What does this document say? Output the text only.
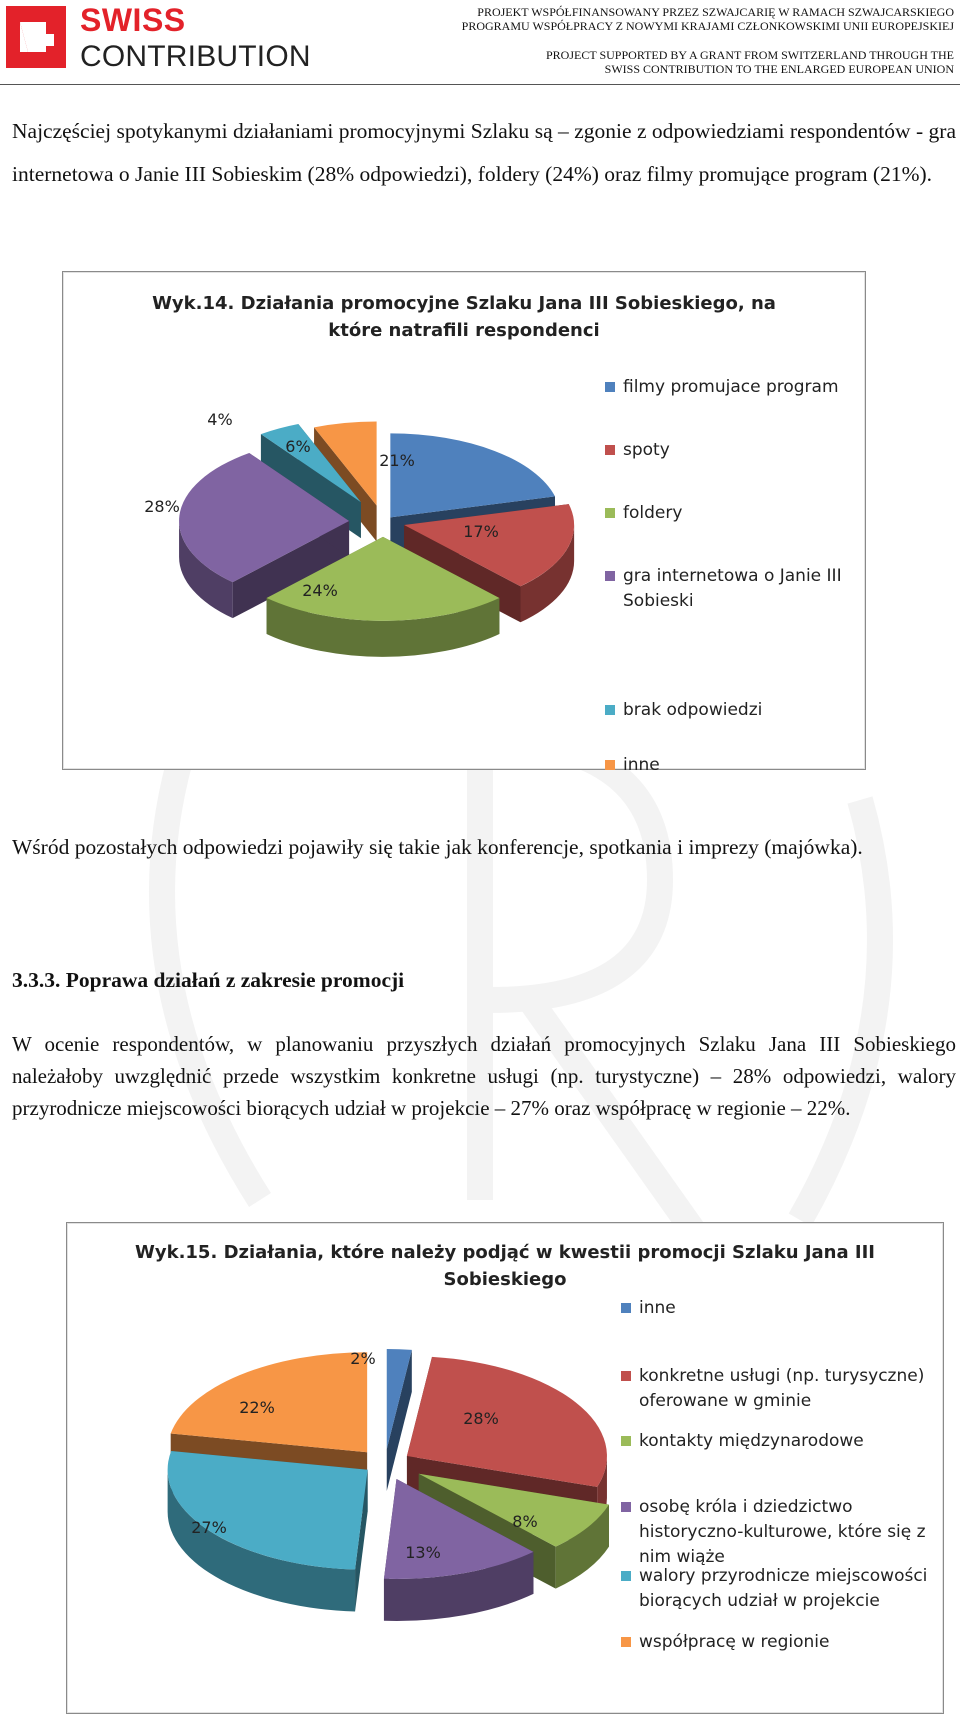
SWISS
CONTRIBUTION
PROJEKT WSPÓŁFINANSOWANY PRZEZ SZWAJCARIĘ W RAMACH SZWAJCARSKIEGO
PROGRAMU WSPÓŁPRACY Z NOWYMI KRAJAMI CZŁONKOWSKIMI UNII EUROPEJSKIEJ
PROJECT SUPPORTED BY A GRANT FROM SWITZERLAND THROUGH THE
SWISS CONTRIBUTION TO THE ENLARGED EUROPEAN UNION
Najczęściej spotykanymi działaniami promocyjnymi Szlaku są – zgonie z odpowiedziami respondentów - gra internetowa o Janie III Sobieskim (28% odpowiedzi), foldery (24%) oraz filmy promujące program (21%).
Wyk.14. Działania promocyjne Szlaku Jana III Sobieskiego, na
które natrafili respondenci
21%
17%
24%
28%
4%
6%
filmy promujace program
spoty
foldery
gra internetowa o Janie III Sobieski
brak odpowiedzi
inne
Wśród pozostałych odpowiedzi pojawiły się takie jak konferencje, spotkania i imprezy (majówka).
3.3.3. Poprawa działań z zakresie promocji
W ocenie respondentów, w planowaniu przyszłych działań promocyjnych Szlaku Jana III Sobieskiego należałoby uwzględnić przede wszystkim konkretne usługi (np. turystyczne) – 28% odpowiedzi, walory przyrodnicze miejscowości biorących udział w projekcie – 27% oraz współpracę w regionie – 22%.
Wyk.15. Działania, które należy podjąć w kwestii promocji Szlaku Jana III
Sobieskiego
2%
28%
8%
13%
27%
22%
inne
konkretne usługi (np. turysyczne) oferowane w gminie
kontakty międzynarodowe
osobę króla i dziedzictwo historyczno-kulturowe, które się z nim wiąże
walory przyrodnicze miejscowości biorących udział w projekcie
współpracę w regionie
